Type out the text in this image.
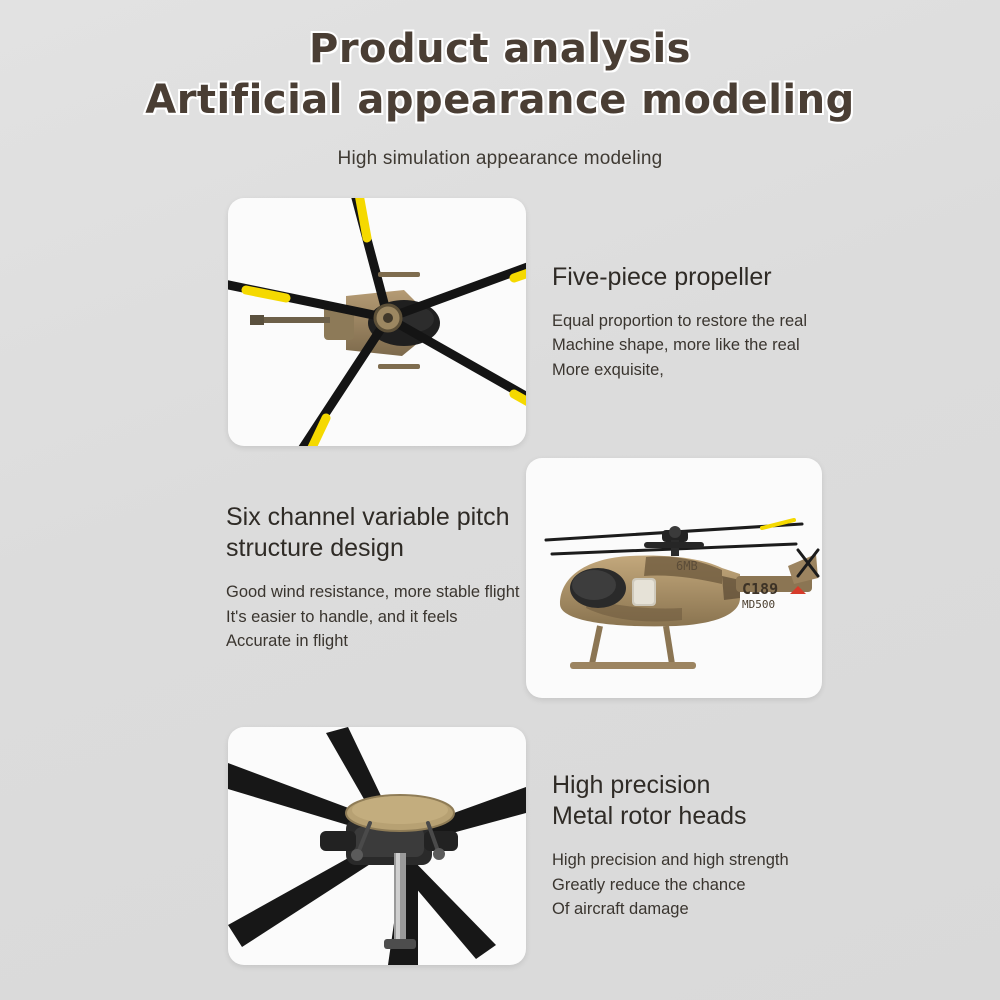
Product analysis
Artificial appearance modeling

High simulation appearance modeling

Five-piece propeller

Equal proportion to restore the real

Machine shape, more like the real

More exquisite,

Six channel variable pitch
structure design

Good wind resistance, more stable flight

It's easier to handle, and it feels

Accurate in flight

C189
MD500
6MB
High precision
Metal rotor heads

High precision and high strength

Greatly reduce the chance

Of aircraft damage
